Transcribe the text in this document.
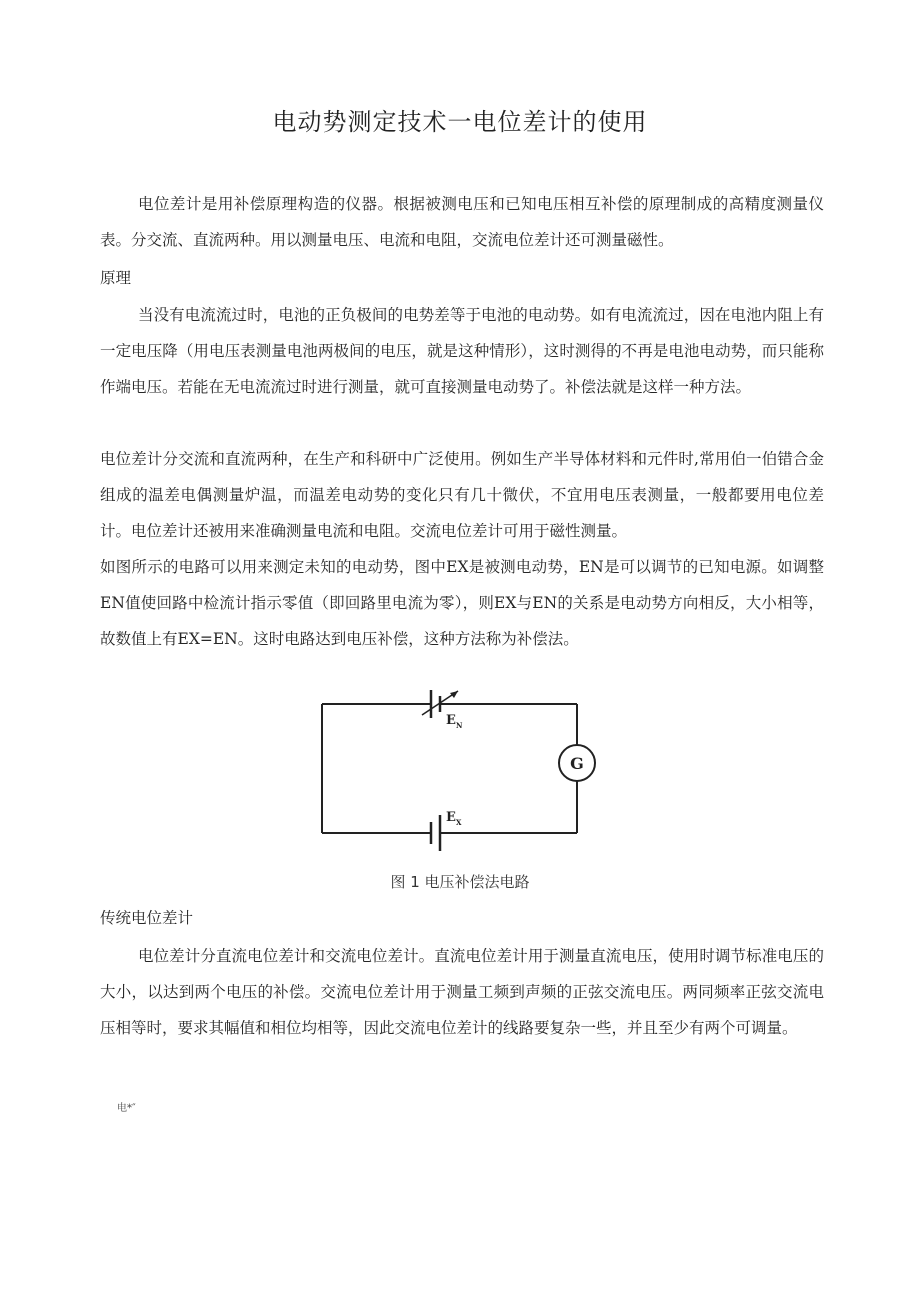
电动势测定技术一电位差计的使用
电位差计是用补偿原理构造的仪器。根据被测电压和已知电压相互补偿的原理制成的高精度测量仪表。分交流、直流两种。用以测量电压、电流和电阻，交流电位差计还可测量磁性。
原理
当没有电流流过时，电池的正负极间的电势差等于电池的电动势。如有电流流过，因在电池内阻上有一定电压降（用电压表测量电池两极间的电压，就是这种情形），这时测得的不再是电池电动势，而只能称作端电压。若能在无电流流过时进行测量，就可直接测量电动势了。补偿法就是这样一种方法。
电位差计分交流和直流两种，在生产和科研中广泛使用。例如生产半导体材料和元件时,常用伯一伯错合金组成的温差电偶测量炉温，而温差电动势的变化只有几十微伏，不宜用电压表测量，一般都要用电位差计。电位差计还被用来准确测量电流和电阻。交流电位差计可用于磁性测量。
如图所示的电路可以用来测定未知的电动势，图中EX是被测电动势，EN是可以调节的已知电源。如调整EN值使回路中检流计指示零值（即回路里电流为零），则EX与EN的关系是电动势方向相反，大小相等，故数值上有EX=EN。这时电路达到电压补偿，这种方法称为补偿法。
G
E N
E X
图 1 电压补偿法电路
传统电位差计
电位差计分直流电位差计和交流电位差计。直流电位差计用于测量直流电压，使用时调节标准电压的大小，以达到两个电压的补偿。交流电位差计用于测量工频到声频的正弦交流电压。两同频率正弦交流电压相等时，要求其幅值和相位均相等，因此交流电位差计的线路要复杂一些，并且至少有两个可调量。
电*″
